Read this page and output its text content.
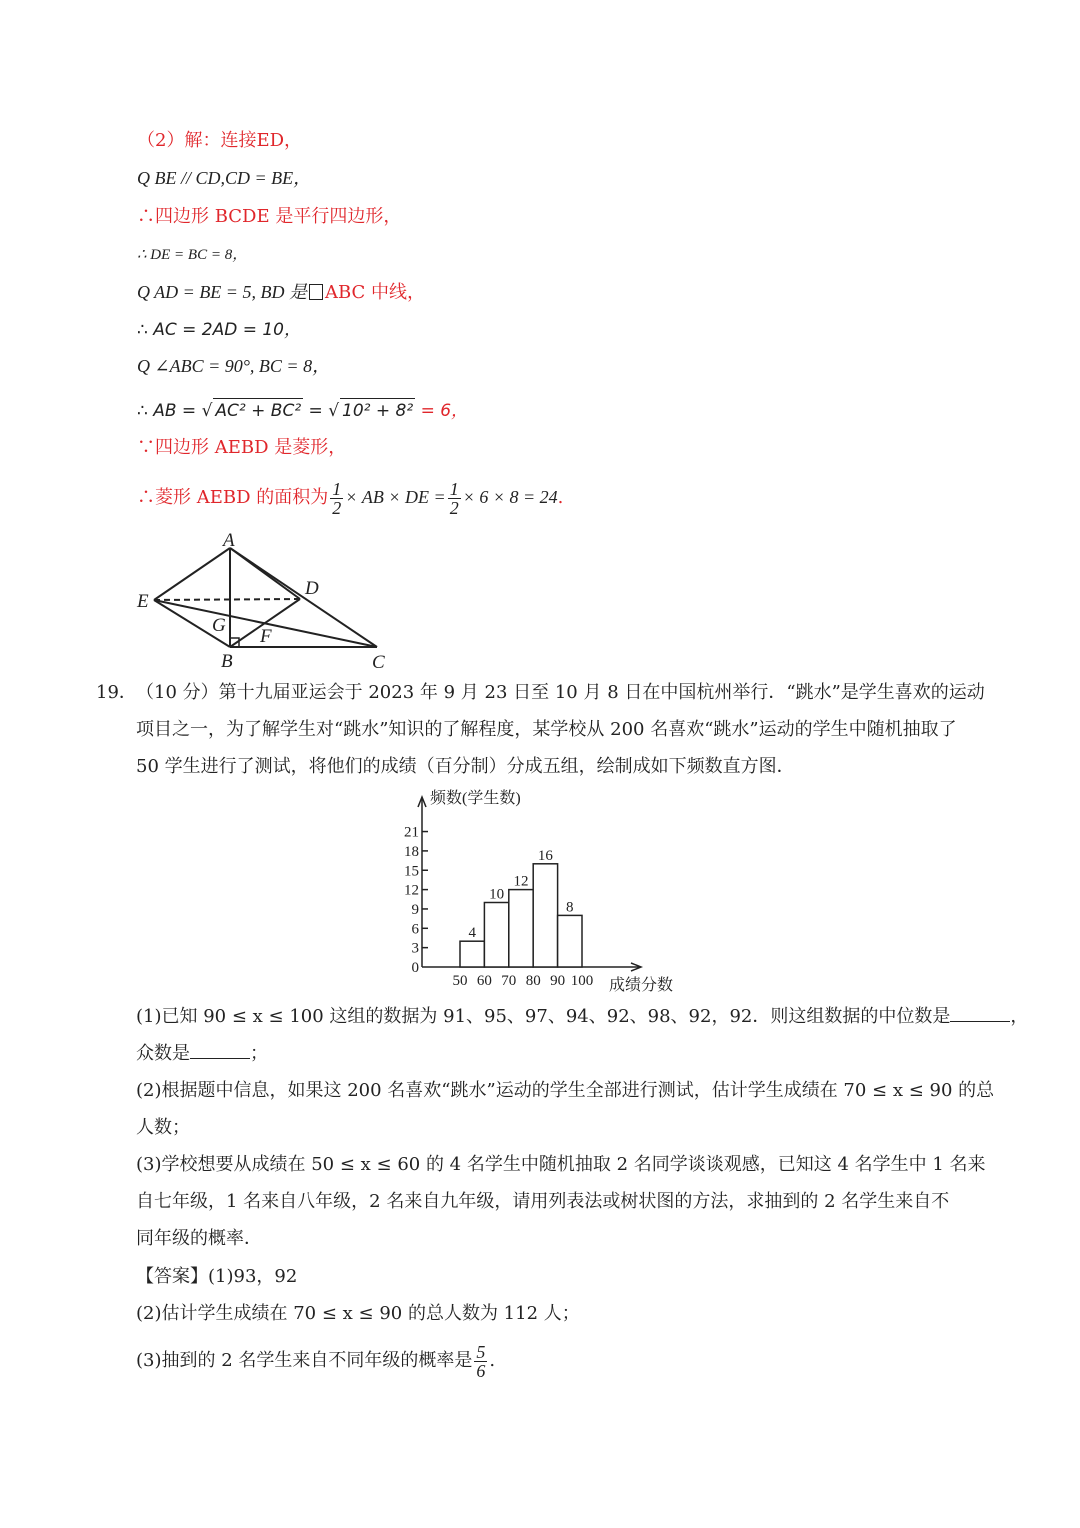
（2）解：连接ED，
Q BE // CD,CD = BE，
∴四边形 BCDE 是平行四边形，
∴ DE = BC = 8，
Q AD = BE = 5, BD 是 ABC 中线，
∴ AC = 2AD = 10，
Q ∠ABC = 90°, BC = 8，
∴ AB = √ AC² + BC² = √ 10² + 8² = 6，
∵四边形 AEBD 是菱形，
∴菱形 AEBD 的面积为 $\frac{1}{2}$ × AB × DE = $\frac{1}{2} \times 6 \times 8 = 24$.
A
E
D
G
F
B	C
19． （10 分）第十九届亚运会于 2023 年 9 月 23 日至 10 月 8 日在中国杭州举行．“跳水”是学生喜欢的运动
项目之一，为了解学生对“跳水”知识的了解程度，某学校从 200 名喜欢“跳水”运动的学生中随机抽取了
50 学生进行了测试，将他们的成绩（百分制）分成五组，绘制成如下频数直方图．
0
3
6
9
12
15
18
21
4
10
12
16
8
50 60 70 80 90 100
频数(学生数)
成绩分数
(1)已知 90 ≤ x ≤ 100 这组的数据为 91、95、97、94、92、98、92，92．则这组数据的中位数是	，
众数是	；
(2)根据题中信息，如果这 200 名喜欢“跳水”运动的学生全部进行测试，估计学生成绩在 70 ≤ x ≤ 90 的总
人数；
(3)学校想要从成绩在 50 ≤ x ≤ 60 的 4 名学生中随机抽取 2 名同学谈谈观感，已知这 4 名学生中 1 名来
自七年级，1 名来自八年级，2 名来自九年级，请用列表法或树状图的方法，求抽到的 2 名学生来自不
同年级的概率．
【答案】(1)93，92
(2)估计学生成绩在 70 ≤ x ≤ 90 的总人数为 112 人；
(3)抽到的 2 名学生来自不同年级的概率是 $\frac{5}{6}$ .
